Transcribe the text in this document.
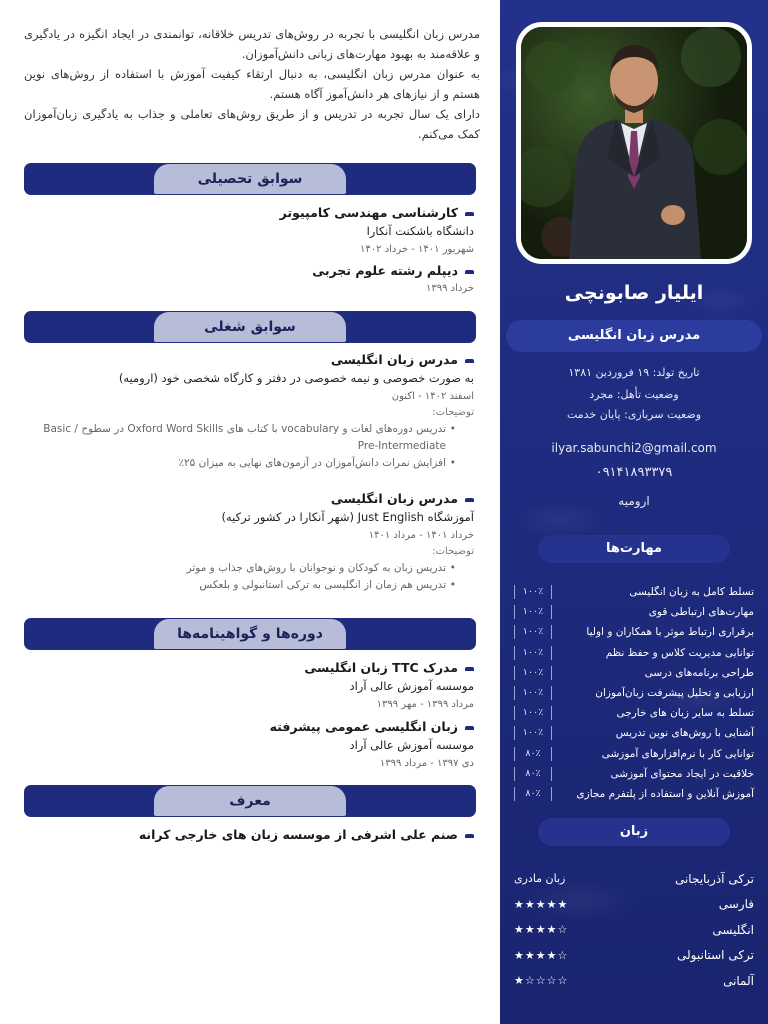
مدرس زبان انگلیسی با تجربه در روش‌های تدریس خلاقانه، توانمندی در ایجاد انگیزه در یادگیری و علاقه‌مند به بهبود مهارت‌های زبانی دانش‌آموزان.

به عنوان مدرس زبان انگلیسی، به دنبال ارتقاء کیفیت آموزش با استفاده از روش‌های نوین هستم و از نیازهای هر دانش‌آموز آگاه هستم.

دارای یک سال تجربه در تدریس و از طریق روش‌های تعاملی و جذاب به یادگیری زبان‌آموزان کمک می‌کنم.

سوابق تحصیلی
کارشناسی مهندسی کامپیوتر
دانشگاه باشکنت آنکارا
شهریور ۱۴۰۱ - خرداد ۱۴۰۲
دیپلم رشته علوم تجربی
خرداد ۱۳۹۹
سوابق شغلی
مدرس زبان انگلیسی
به صورت خصوصی و نیمه خصوصی در دفتر و کارگاه شخصی خود (ارومیه)
اسفند ۱۴۰۲ - اکنون
توضیحات:
• تدریس دوره‌های لغات و vocabulary با کتاب های Oxford Word Skills در سطوح Basic / Pre-Intermediate
• افزایش نمرات دانش‌آموزان در آزمون‌های نهایی به میزان ۲۵٪
مدرس زبان انگلیسی
آموزشگاه Just English (شهر آنکارا در کشور ترکیه)
خرداد ۱۴۰۱ - مرداد ۱۴۰۱
توضیحات:
• تدریس زبان به کودکان و نوجوانان با روش‌های جذاب و موثر
• تدریس هم زمان از انگلیسی به ترکی استانبولی و بلعکس
دوره‌ها و گواهینامه‌ها
مدرک TTC زبان انگلیسی
موسسه آموزش عالی آراد
مرداد ۱۳۹۹ - مهر ۱۳۹۹
زبان انگلیسی عمومی پیشرفته
موسسه آموزش عالی آراد
دی ۱۳۹۷ - مرداد ۱۳۹۹
معرف
صنم علی اشرفی از موسسه زبان های خارجی کرانه
ایلیار صابونچی
مدرس زبان انگلیسی
تاریخ تولد: ۱۹ فروردین ۱۳۸۱
وضعیت تأهل: مجرد
وضعیت سربازی: پایان خدمت
ilyar.sabunchi2@gmail.com
۰۹۱۴۱۸۹۳۳۷۹
ارومیه
مهارت‌ها
تسلط کامل به زبان انگلیسی
۱۰۰٪
مهارت‌های ارتباطی قوی
۱۰۰٪
برقراری ارتباط موثر با همکاران و اولیا
۱۰۰٪
توانایی مدیریت کلاس و حفظ نظم
۱۰۰٪
طراحی برنامه‌های درسی
۱۰۰٪
ارزیابی و تحلیل پیشرفت زبان‌آموزان
۱۰۰٪
تسلط به سایر زبان های خارجی
۱۰۰٪
آشنایی با روش‌های نوین تدریس
۱۰۰٪
توانایی کار با نرم‌افزارهای آموزشی
۸۰٪
خلاقیت در ایجاد محتوای آموزشی
۸۰٪
آموزش آنلاین و استفاده از پلتفرم مجازی
۸۰٪
زبان
ترکی آذربایجانی
زبان مادری
فارسی
★★★★★
انگلیسی
★★★★☆
ترکی استانبولی
★★★★☆
آلمانی
★☆☆☆☆
